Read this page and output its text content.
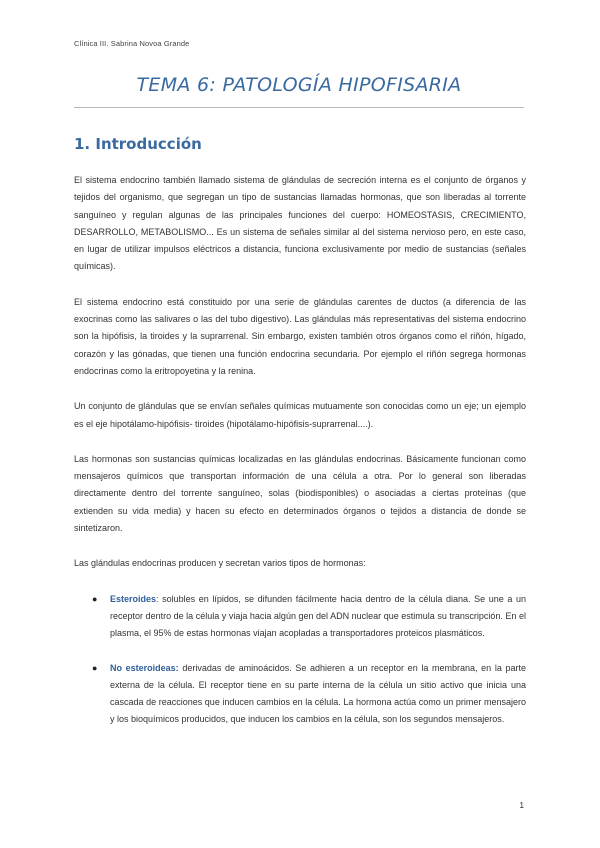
Clínica III. Sabrina Novoa Grande
TEMA 6: PATOLOGÍA HIPOFISARIA
1. Introducción

El sistema endocrino también llamado sistema de glándulas de secreción interna es el conjunto de órganos y tejidos del organismo, que segregan un tipo de sustancias llamadas hormonas, que son liberadas al torrente sanguíneo y regulan algunas de las principales funciones del cuerpo: HOMEOSTASIS, CRECIMIENTO, DESARROLLO, METABOLISMO... Es un sistema de señales similar al del sistema nervioso pero, en este caso, en lugar de utilizar impulsos eléctricos a distancia, funciona exclusivamente por medio de sustancias (señales químicas).

El sistema endocrino está constituido por una serie de glándulas carentes de ductos (a diferencia de las exocrinas como las salivares o las del tubo digestivo). Las glándulas más representativas del sistema endocrino son la hipófisis, la tiroides y la suprarrenal. Sin embargo, existen también otros órganos como el riñón, hígado, corazón y las gónadas, que tienen una función endocrina secundaria. Por ejemplo el riñón segrega hormonas endocrinas como la eritropoyetina y la renina.

Un conjunto de glándulas que se envían señales químicas mutuamente son conocidas como un eje; un ejemplo es el eje hipotálamo-hipófisis- tiroides (hipotálamo-hipófisis-suprarrenal....).

Las hormonas son sustancias químicas localizadas en las glándulas endocrinas. Básicamente funcionan como mensajeros químicos que transportan información de una célula a otra. Por lo general son liberadas directamente dentro del torrente sanguíneo, solas (biodisponibles) o asociadas a ciertas proteínas (que extienden su vida media) y hacen su efecto en determinados órganos o tejidos a distancia de donde se sintetizaron.

Las glándulas endocrinas producen y secretan varios tipos de hormonas:

● Esteroides: solubles en lípidos, se difunden fácilmente hacia dentro de la célula diana. Se une a un receptor dentro de la célula y viaja hacia algún gen del ADN nuclear que estimula su transcripción. En el plasma, el 95% de estas hormonas viajan acopladas a transportadores proteicos plasmáticos.
● No esteroideas: derivadas de aminoácidos. Se adhieren a un receptor en la membrana, en la parte externa de la célula. El receptor tiene en su parte interna de la célula un sitio activo que inicia una cascada de reacciones que inducen cambios en la célula. La hormona actúa como un primer mensajero y los bioquímicos producidos, que inducen los cambios en la célula, son los segundos mensajeros.
1
